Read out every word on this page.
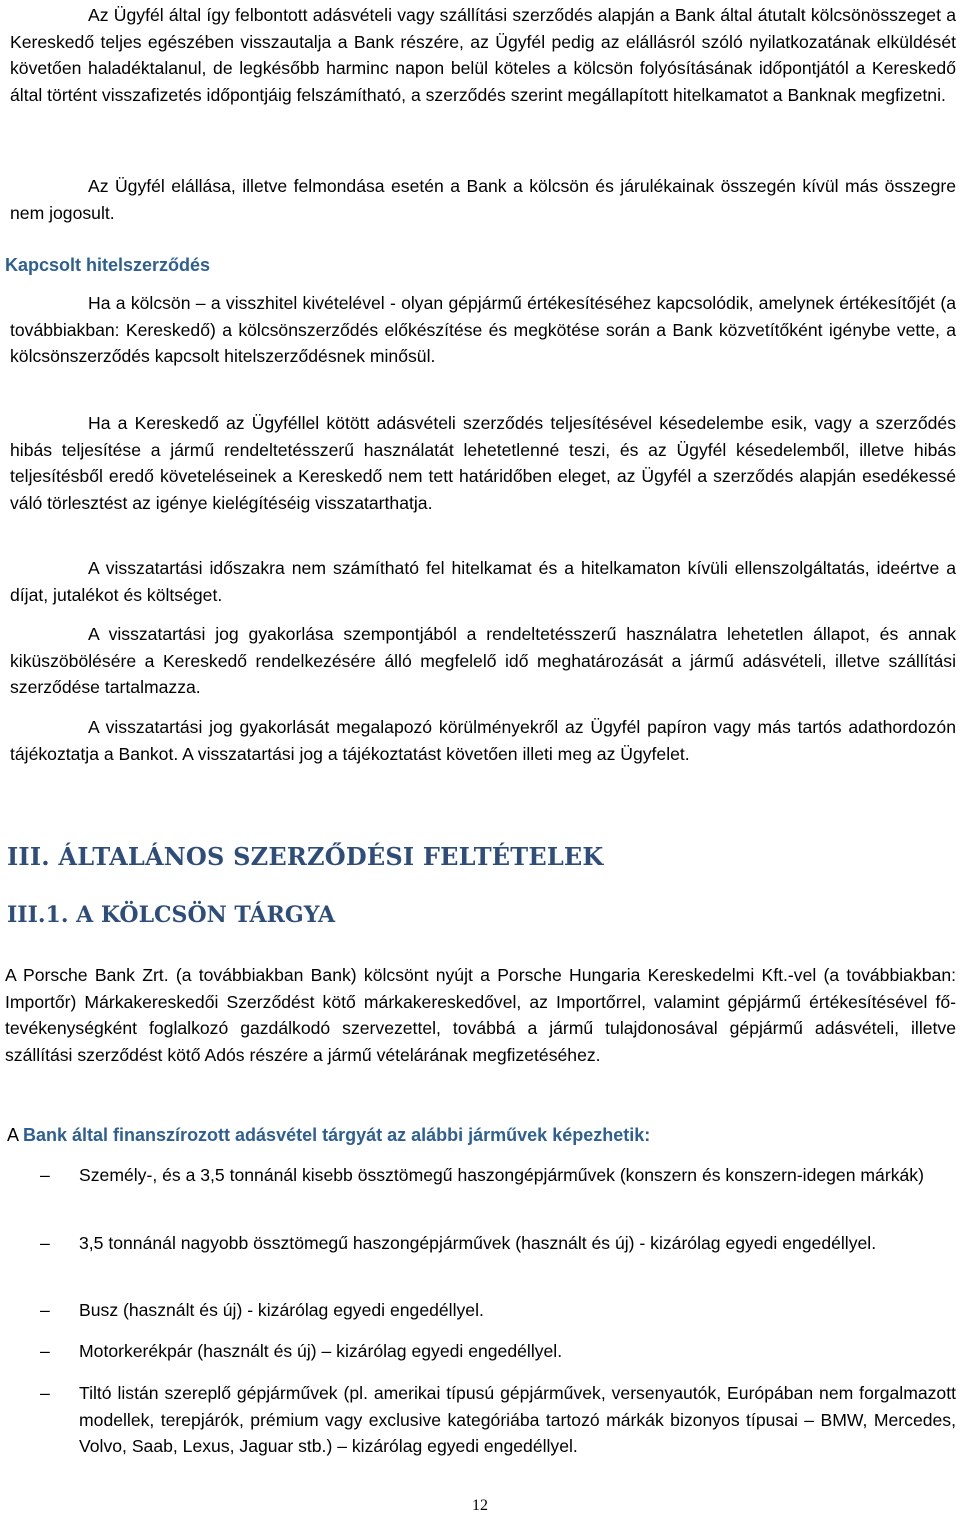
Az Ügyfél által így felbontott adásvételi vagy szállítási szerződés alapján a Bank által átutalt kölcsönösszeget a Kereskedő teljes egészében visszautalja a Bank részére, az Ügyfél pedig az elállásról szóló nyilatkozatának elküldését követően haladéktalanul, de legkésőbb harminc napon belül köteles a kölcsön folyósításának időpontjától a Kereskedő által történt visszafizetés időpontjáig felszámítható, a szerződés szerint megállapított hitelkamatot a Banknak megfizetni.

Az Ügyfél elállása, illetve felmondása esetén a Bank a kölcsön és járulékainak összegén kívül más összegre nem jogosult.

Kapcsolt hitelszerződés

Ha a kölcsön – a visszhitel kivételével - olyan gépjármű értékesítéséhez kapcsolódik, amelynek értékesítőjét (a továbbiakban: Kereskedő) a kölcsönszerződés előkészítése és megkötése során a Bank közvetítőként igénybe vette, a kölcsönszerződés kapcsolt hitelszerződésnek minősül.

Ha a Kereskedő az Ügyféllel kötött adásvételi szerződés teljesítésével késedelembe esik, vagy a szerződés hibás teljesítése a jármű rendeltetésszerű használatát lehetetlenné teszi, és az Ügyfél késedelemből, illetve hibás teljesítésből eredő követeléseinek a Kereskedő nem tett határidőben eleget, az Ügyfél a szerződés alapján esedékessé váló törlesztést az igénye kielégítéséig visszatarthatja.

A visszatartási időszakra nem számítható fel hitelkamat és a hitelkamaton kívüli ellenszolgáltatás, ideértve a díjat, jutalékot és költséget.

A visszatartási jog gyakorlása szempontjából a rendeltetésszerű használatra lehetetlen állapot, és annak kiküszöbölésére a Kereskedő rendelkezésére álló megfelelő idő meghatározását a jármű adásvételi, illetve szállítási szerződése tartalmazza.

A visszatartási jog gyakorlását megalapozó körülményekről az Ügyfél papíron vagy más tartós adathordozón tájékoztatja a Bankot. A visszatartási jog a tájékoztatást követően illeti meg az Ügyfelet.

III. ÁLTALÁNOS SZERZŐDÉSI FELTÉTELEK
III.1. A KÖLCSÖN TÁRGYA

A Porsche Bank Zrt. (a továbbiakban Bank) kölcsönt nyújt a Porsche Hungaria Kereskedelmi Kft.-vel (a továbbiakban: Importőr) Márkakereskedői Szerződést kötő márkakereskedővel, az Importőrrel, valamint gépjármű értékesítésével fő-tevékenységként foglalkozó gazdálkodó szervezettel, továbbá a jármű tulajdonosával gépjármű adásvételi, illetve szállítási szerződést kötő Adós részére a jármű vételárának megfizetéséhez.

A Bank által finanszírozott adásvétel tárgyát az alábbi járművek képezhetik:

– Személy-, és a 3,5 tonnánál kisebb össztömegű haszongépjárművek (konszern és konszern-idegen márkák)

– 3,5 tonnánál nagyobb össztömegű haszongépjárművek (használt és új) - kizárólag egyedi engedéllyel.

– Busz (használt és új) - kizárólag egyedi engedéllyel.

– Motorkerékpár (használt és új) – kizárólag egyedi engedéllyel.

– Tiltó listán szereplő gépjárművek (pl. amerikai típusú gépjárművek, versenyautók, Európában nem forgalmazott modellek, terepjárók, prémium vagy exclusive kategóriába tartozó márkák bizonyos típusai – BMW, Mercedes, Volvo, Saab, Lexus, Jaguar stb.) – kizárólag egyedi engedéllyel.

12
